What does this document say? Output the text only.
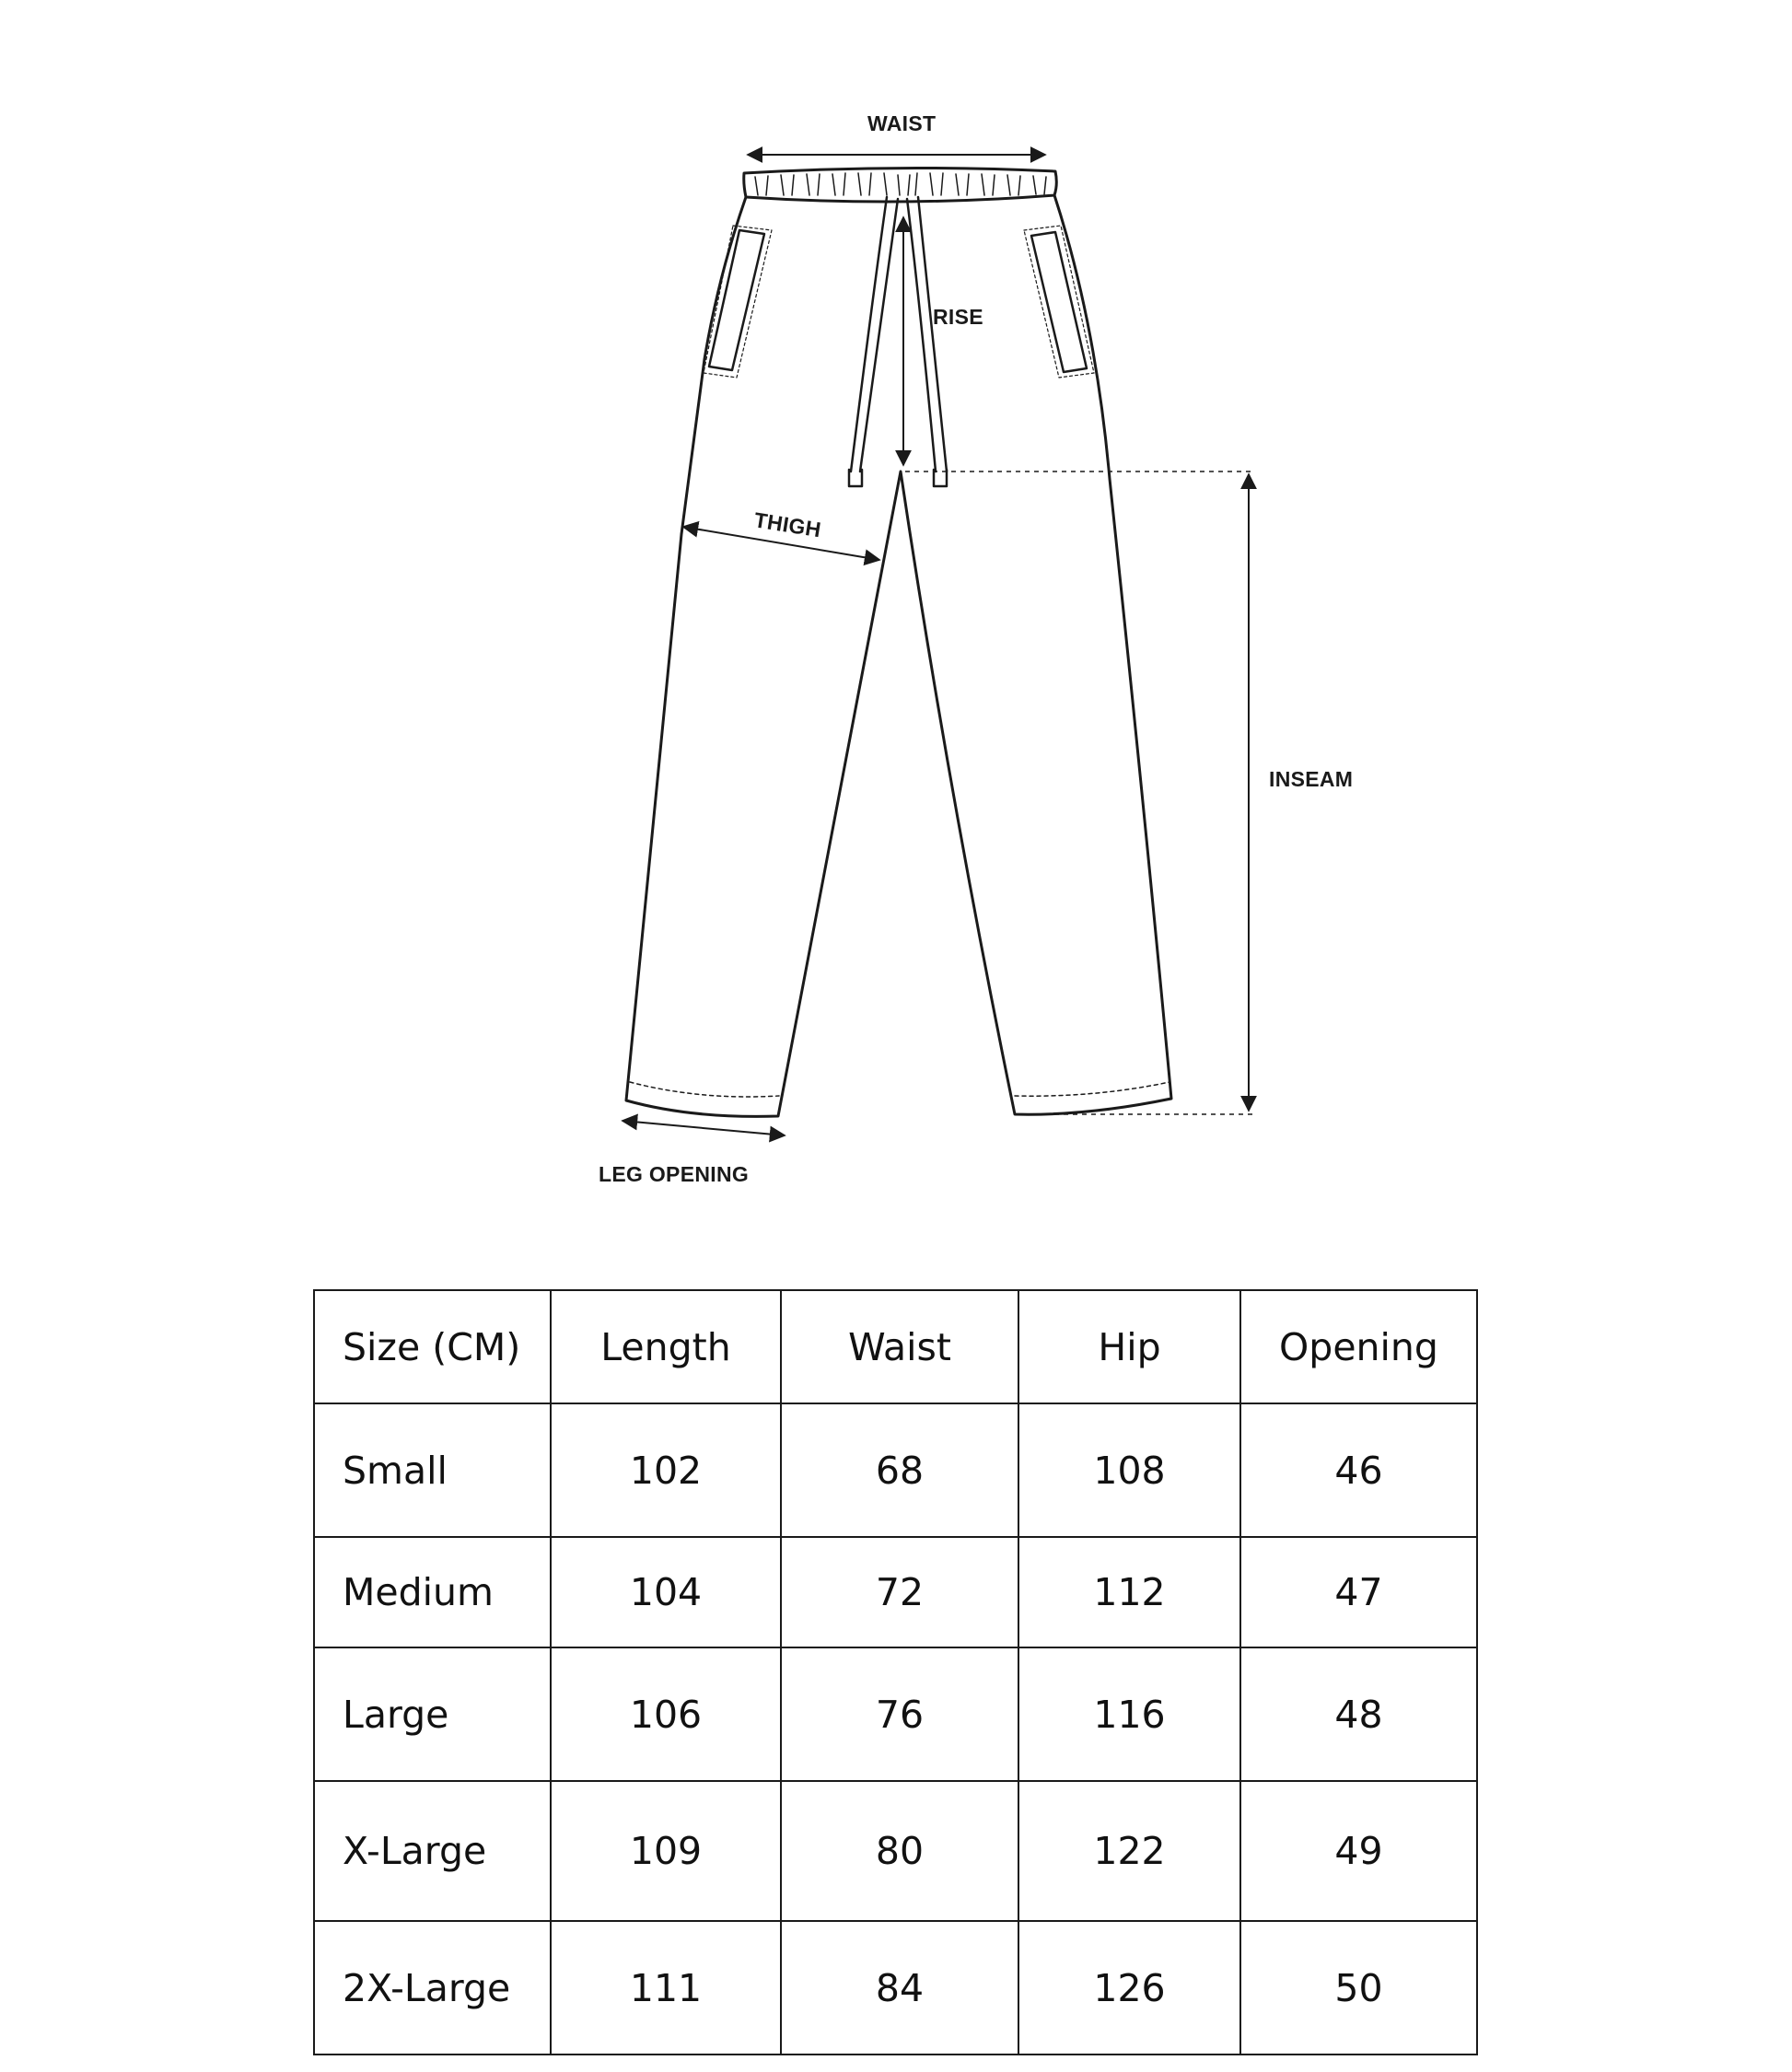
WAIST
RISE
THIGH
INSEAM
LEG OPENING
Size (CM)	Length	Waist	Hip	Opening
Small	102	68	108	46
Medium	104	72	112	47
Large	106	76	116	48
X-Large	109	80	122	49
2X-Large	111	84	126	50
